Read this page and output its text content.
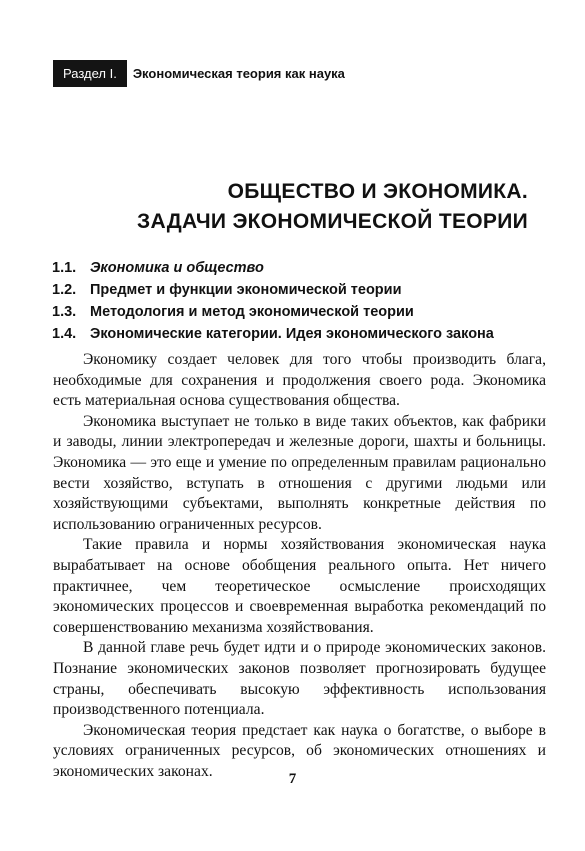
Раздел I.	Экономическая теория как наука
ОБЩЕСТВО И ЭКОНОМИКА.
ЗАДАЧИ ЭКОНОМИЧЕСКОЙ ТЕОРИИ
1.1. Экономика и общество
1.2. Предмет и функции экономической теории
1.3. Методология и метод экономической теории
1.4. Экономические категории. Идея экономического закона

Экономику создает человек для того чтобы производить блага, необходимые для сохранения и продолжения своего рода. Экономика есть материальная основа существования общества.

Экономика выступает не только в виде таких объектов, как фабрики и заводы, линии электропередач и железные дороги, шахты и больницы. Экономика — это еще и умение по определенным правилам рационально вести хозяйство, вступать в отношения с другими людьми или хозяйствующими субъектами, выполнять конкретные действия по использованию ограниченных ресурсов.

Такие правила и нормы хозяйствования экономическая наука вырабатывает на основе обобщения реального опыта. Нет ничего практичнее, чем теоретическое осмысление происходящих экономических процессов и своевременная выработка рекомендаций по совершенствованию механизма хозяйствования.

В данной главе речь будет идти и о природе экономических законов. Познание экономических законов позволяет прогнозировать будущее страны, обеспечивать высокую эффективность использования производственного потенциала.

Экономическая теория предстает как наука о богатстве, о выборе в условиях ограниченных ресурсов, об экономических отношениях и экономических законах.	7
